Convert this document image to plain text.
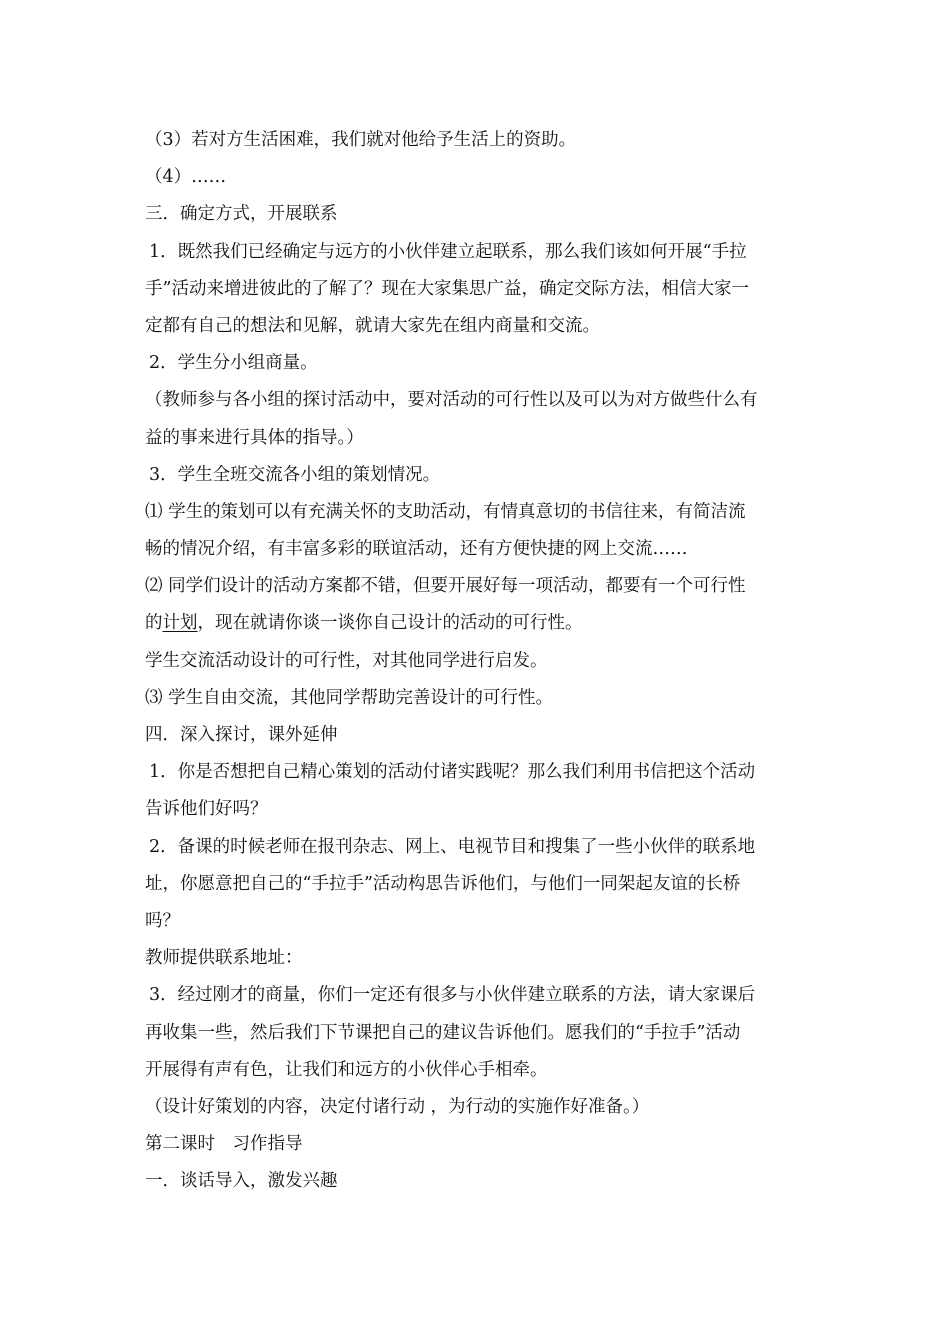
（3）若对方生活困难，我们就对他给予生活上的资助。
（4）……
三．确定方式，开展联系
1．既然我们已经确定与远方的小伙伴建立起联系，那么我们该如何开展“手拉
手”活动来增进彼此的了解了？现在大家集思广益，确定交际方法，相信大家一
定都有自己的想法和见解，就请大家先在组内商量和交流。
2．学生分小组商量。
（教师参与各小组的探讨活动中，要对活动的可行性以及可以为对方做些什么有
益的事来进行具体的指导。）
3．学生全班交流各小组的策划情况。
⑴ 学生的策划可以有充满关怀的支助活动，有情真意切的书信往来，有简洁流
畅的情况介绍，有丰富多彩的联谊活动，还有方便快捷的网上交流……
⑵ 同学们设计的活动方案都不错，但要开展好每一项活动，都要有一个可行性
的计划，现在就请你谈一谈你自己设计的活动的可行性。
学生交流活动设计的可行性，对其他同学进行启发。
⑶ 学生自由交流，其他同学帮助完善设计的可行性。
四．深入探讨，课外延伸
1．你是否想把自己精心策划的活动付诸实践呢？那么我们利用书信把这个活动
告诉他们好吗？
2．备课的时候老师在报刊杂志、网上、电视节目和搜集了一些小伙伴的联系地
址，你愿意把自己的“手拉手”活动构思告诉他们，与他们一同架起友谊的长桥
吗？
教师提供联系地址：
3．经过刚才的商量，你们一定还有很多与小伙伴建立联系的方法，请大家课后
再收集一些，然后我们下节课把自己的建议告诉他们。愿我们的“手拉手”活动
开展得有声有色，让我们和远方的小伙伴心手相牵。
（设计好策划的内容，决定付诸行动 ，为行动的实施作好准备。）
第二课时　习作指导
一．谈话导入，激发兴趣
